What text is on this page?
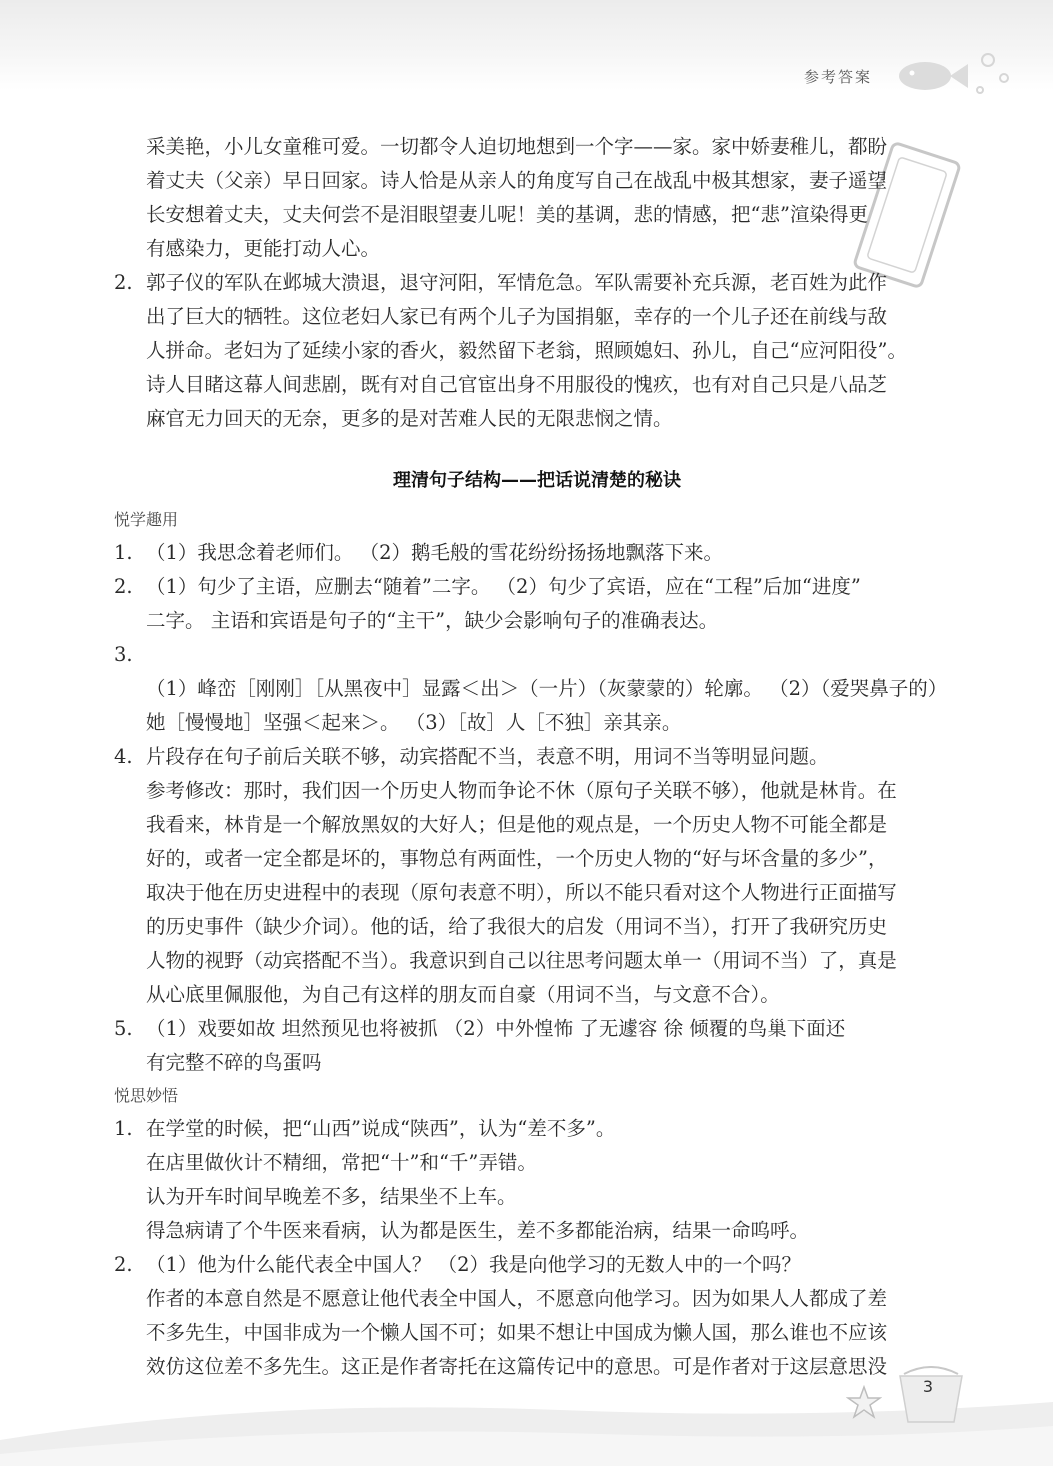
参考答案

采美艳，小儿女童稚可爱。一切都令人迫切地想到一个字——家。家中娇妻稚儿，都盼

着丈夫（父亲）早日回家。诗人恰是从亲人的角度写自己在战乱中极其想家，妻子遥望

长安想着丈夫，丈夫何尝不是泪眼望妻儿呢！美的基调，悲的情感，把“悲”渲染得更

有感染力，更能打动人心。

2. 郭子仪的军队在邺城大溃退，退守河阳，军情危急。军队需要补充兵源，老百姓为此作

出了巨大的牺牲。这位老妇人家已有两个儿子为国捐躯，幸存的一个儿子还在前线与敌

人拼命。老妇为了延续小家的香火，毅然留下老翁，照顾媳妇、孙儿，自己“应河阳役”。

诗人目睹这幕人间悲剧，既有对自己官宦出身不用服役的愧疚，也有对自己只是八品芝

麻官无力回天的无奈，更多的是对苦难人民的无限悲悯之情。

理清句子结构——把话说清楚的秘诀

悦学趣用

1. （1）我思念着老师们。 （2）鹅毛般的雪花纷纷扬扬地飘落下来。

2. （1）句少了主语，应删去“随着”二字。 （2）句少了宾语，应在“工程”后加“进度”

二字。 主语和宾语是句子的“主干”，缺少会影响句子的准确表达。

3.（1）峰峦［刚刚］［从黑夜中］显露＜出＞（一片）（灰蒙蒙的）轮廓。 （2）（爱哭鼻子的）

她［慢慢地］坚强＜起来＞。 （3）［故］人［不独］亲其亲。

4. 片段存在句子前后关联不够，动宾搭配不当，表意不明，用词不当等明显问题。

参考修改：那时，我们因一个历史人物而争论不休（原句子关联不够），他就是林肯。在

我看来，林肯是一个解放黑奴的大好人；但是他的观点是，一个历史人物不可能全都是

好的，或者一定全都是坏的，事物总有两面性，一个历史人物的“好与坏含量的多少”，

取决于他在历史进程中的表现（原句表意不明），所以不能只看对这个人物进行正面描写

的历史事件（缺少介词）。他的话，给了我很大的启发（用词不当），打开了我研究历史

人物的视野（动宾搭配不当）。我意识到自己以往思考问题太单一（用词不当）了，真是

从心底里佩服他，为自己有这样的朋友而自豪（用词不当，与文意不合）。

5. （1）戏要如故 坦然预见也将被抓 （2）中外惶怖 了无遽容 徐 倾覆的鸟巢下面还

有完整不碎的鸟蛋吗

悦思妙悟

1. 在学堂的时候，把“山西”说成“陕西”，认为“差不多”。

在店里做伙计不精细，常把“十”和“千”弄错。

认为开车时间早晚差不多，结果坐不上车。

得急病请了个牛医来看病，认为都是医生，差不多都能治病，结果一命呜呼。

2. （1）他为什么能代表全中国人？ （2）我是向他学习的无数人中的一个吗？

作者的本意自然是不愿意让他代表全中国人，不愿意向他学习。因为如果人人都成了差

不多先生，中国非成为一个懒人国不可；如果不想让中国成为懒人国，那么谁也不应该

效仿这位差不多先生。这正是作者寄托在这篇传记中的意思。可是作者对于这层意思没

3
